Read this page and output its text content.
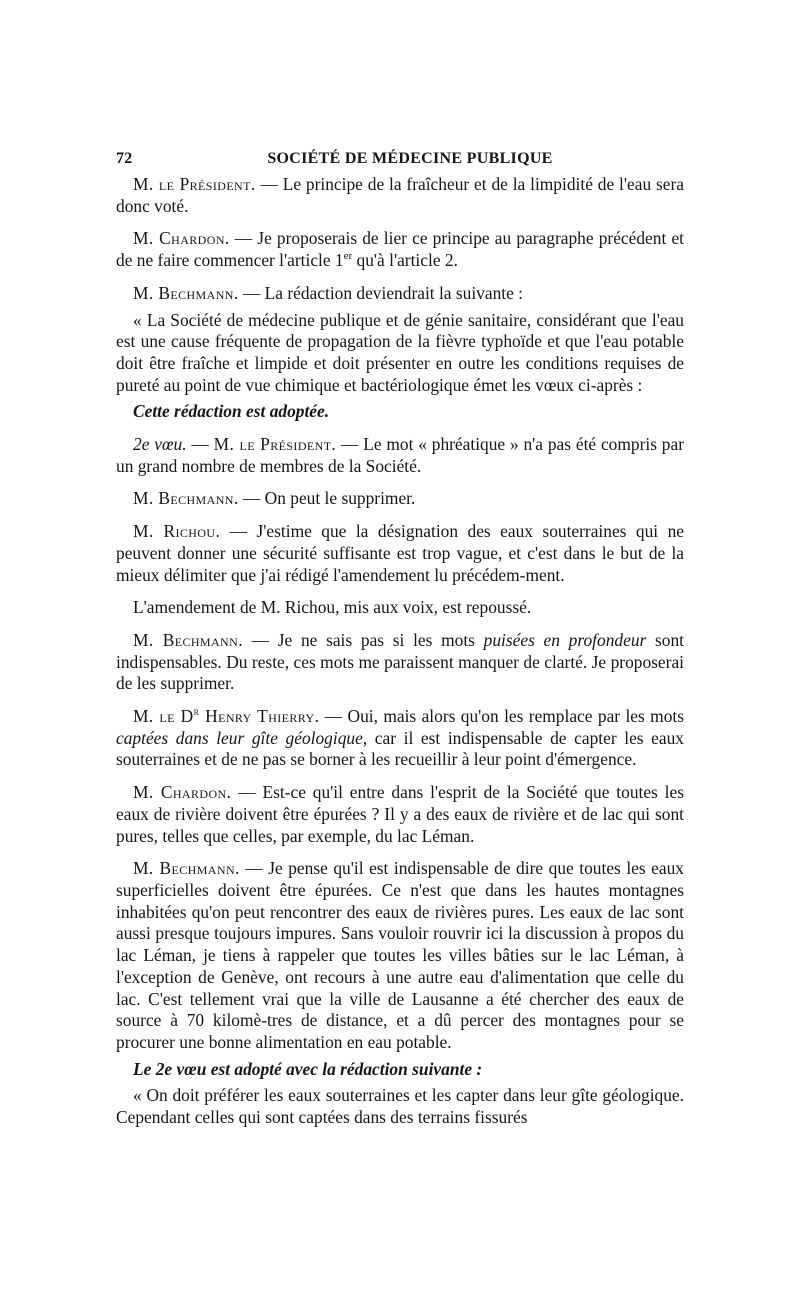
72	SOCIÉTÉ DE MÉDECINE PUBLIQUE

M. le Président. — Le principe de la fraîcheur et de la limpidité de l'eau sera donc voté.

M. Chardon. — Je proposerais de lier ce principe au paragraphe précédent et de ne faire commencer l'article 1er qu'à l'article 2.

M. Bechmann. — La rédaction deviendrait la suivante :

« La Société de médecine publique et de génie sanitaire, considérant que l'eau est une cause fréquente de propagation de la fièvre typhoïde et que l'eau potable doit être fraîche et limpide et doit présenter en outre les conditions requises de pureté au point de vue chimique et bactériologique émet les vœux ci-après :

Cette rédaction est adoptée.

2e vœu. — M. le Président. — Le mot « phréatique » n'a pas été compris par un grand nombre de membres de la Société.

M. Bechmann. — On peut le supprimer.

M. Richou. — J'estime que la désignation des eaux souterraines qui ne peuvent donner une sécurité suffisante est trop vague, et c'est dans le but de la mieux délimiter que j'ai rédigé l'amendement lu précédem-ment.

L'amendement de M. Richou, mis aux voix, est repoussé.

M. Bechmann. — Je ne sais pas si les mots puisées en profondeur sont indispensables. Du reste, ces mots me paraissent manquer de clarté. Je proposerai de les supprimer.

M. le $D^r$ Henry Thierry. — Oui, mais alors qu'on les remplace par les mots captées dans leur gîte géologique, car il est indispensable de capter les eaux souterraines et de ne pas se borner à les recueillir à leur point d'émergence.

M. Chardon. — Est-ce qu'il entre dans l'esprit de la Société que toutes les eaux de rivière doivent être épurées ? Il y a des eaux de rivière et de lac qui sont pures, telles que celles, par exemple, du lac Léman.

M. Bechmann. — Je pense qu'il est indispensable de dire que toutes les eaux superficielles doivent être épurées. Ce n'est que dans les hautes montagnes inhabitées qu'on peut rencontrer des eaux de rivières pures. Les eaux de lac sont aussi presque toujours impures. Sans vouloir rouvrir ici la discussion à propos du lac Léman, je tiens à rappeler que toutes les villes bâties sur le lac Léman, à l'exception de Genève, ont recours à une autre eau d'alimentation que celle du lac. C'est tellement vrai que la ville de Lausanne a été chercher des eaux de source à 70 kilomè-tres de distance, et a dû percer des montagnes pour se procurer une bonne alimentation en eau potable.

Le 2e vœu est adopté avec la rédaction suivante :

« On doit préférer les eaux souterraines et les capter dans leur gîte géologique. Cependant celles qui sont captées dans des terrains fissurés
